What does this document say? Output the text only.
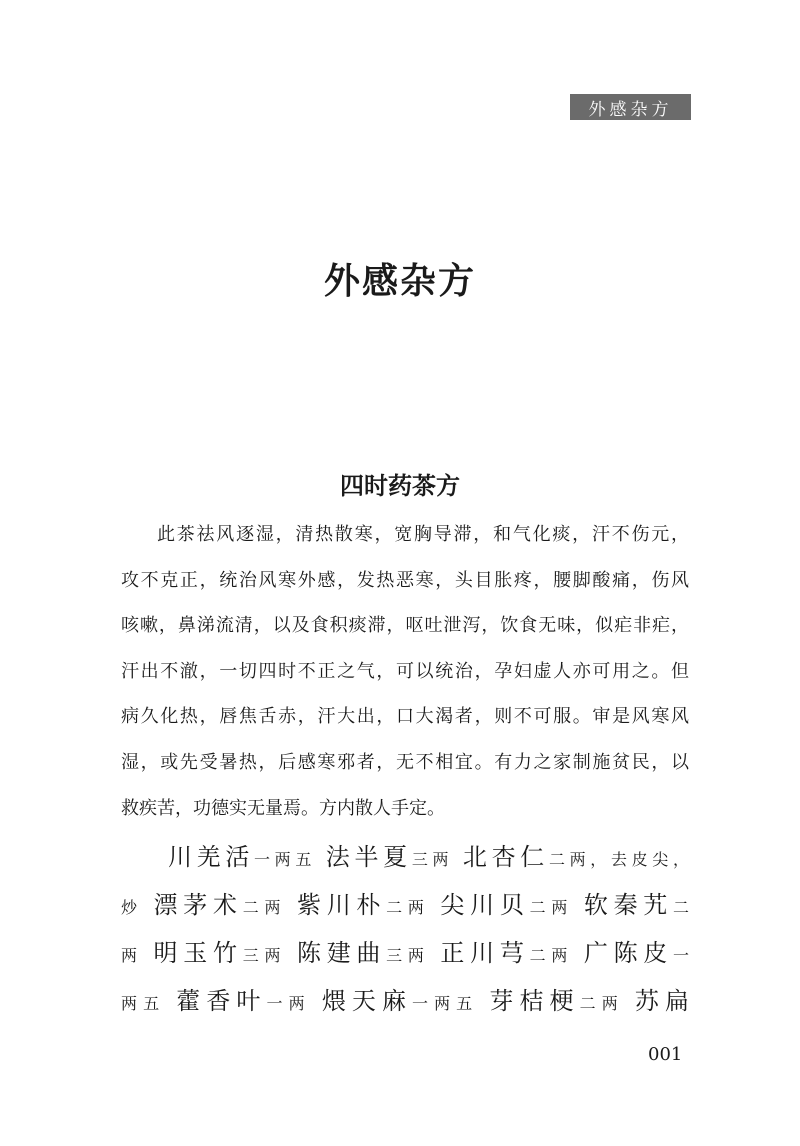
外感杂方
外感杂方
四时药茶方
此茶祛风逐湿，清热散寒，宽胸导滞，和气化痰，汗不伤元，
攻不克正，统治风寒外感，发热恶寒，头目胀疼，腰脚酸痛，伤风
咳嗽，鼻涕流清，以及食积痰滞，呕吐泄泻，饮食无味，似疟非疟，
汗出不澈，一切四时不正之气，可以统治，孕妇虚人亦可用之。但
病久化热，唇焦舌赤，汗大出，口大渴者，则不可服。审是风寒风
湿，或先受暑热，后感寒邪者，无不相宜。有力之家制施贫民，以
救疾苦，功德实无量焉。方内散人手定。
川羌活一两五 法半夏三两 北杏仁二两，去皮尖，
炒 漂茅术二两 紫川朴二两 尖川贝二两 软秦艽二
两 明玉竹三两 陈建曲三两 正川芎二两 广陈皮一
两五 藿香叶一两 煨天麻一两五 芽桔梗二两 苏扁
001
